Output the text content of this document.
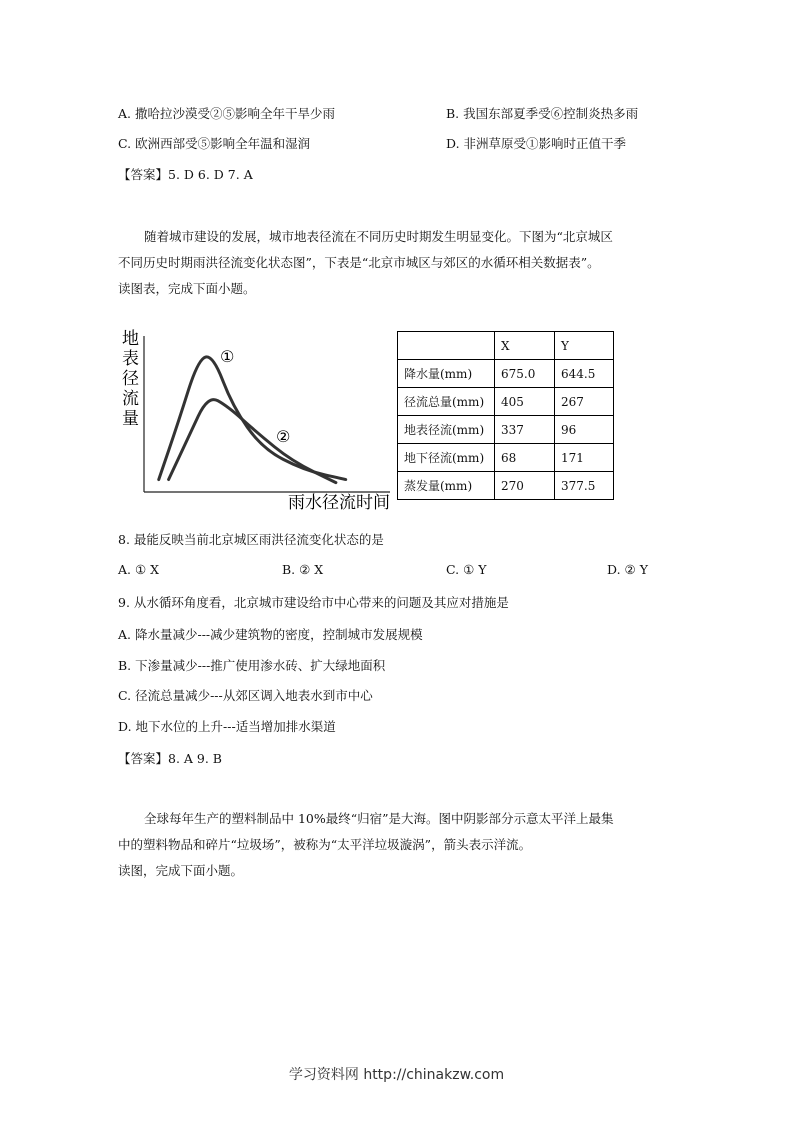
A. 撒哈拉沙漠受②⑤影响全年干旱少雨	B. 我国东部夏季受⑥控制炎热多雨
C. 欧洲西部受⑤影响全年温和湿润	D. 非洲草原受①影响时正值干季
【答案】5. D 6. D 7. A
随着城市建设的发展，城市地表径流在不同历史时期发生明显变化。下图为“北京城区
不同历史时期雨洪径流变化状态图”，下表是“北京市城区与郊区的水循环相关数据表”。
读图表，完成下面小题。
地
表
径
流
量
雨水径流时间
①
②
	X	Y
降水量(mm)	675.0	644.5
径流总量(mm)	405	267
地表径流(mm)	337	96
地下径流(mm)	68	171
蒸发量(mm)	270	377.5
8. 最能反映当前北京城区雨洪径流变化状态的是
A. ① X	B. ② X	C. ① Y	D. ② Y
9. 从水循环角度看，北京城市建设给市中心带来的问题及其应对措施是
A. 降水量减少---减少建筑物的密度，控制城市发展规模
B. 下渗量减少---推广使用渗水砖、扩大绿地面积
C. 径流总量减少---从郊区调入地表水到市中心
D. 地下水位的上升---适当增加排水渠道
【答案】8. A 9. B
全球每年生产的塑料制品中 10%最终“归宿”是大海。图中阴影部分示意太平洋上最集
中的塑料物品和碎片“垃圾场”，被称为“太平洋垃圾漩涡”，箭头表示洋流。
读图，完成下面小题。
学习资料网 http://chinakzw.com
